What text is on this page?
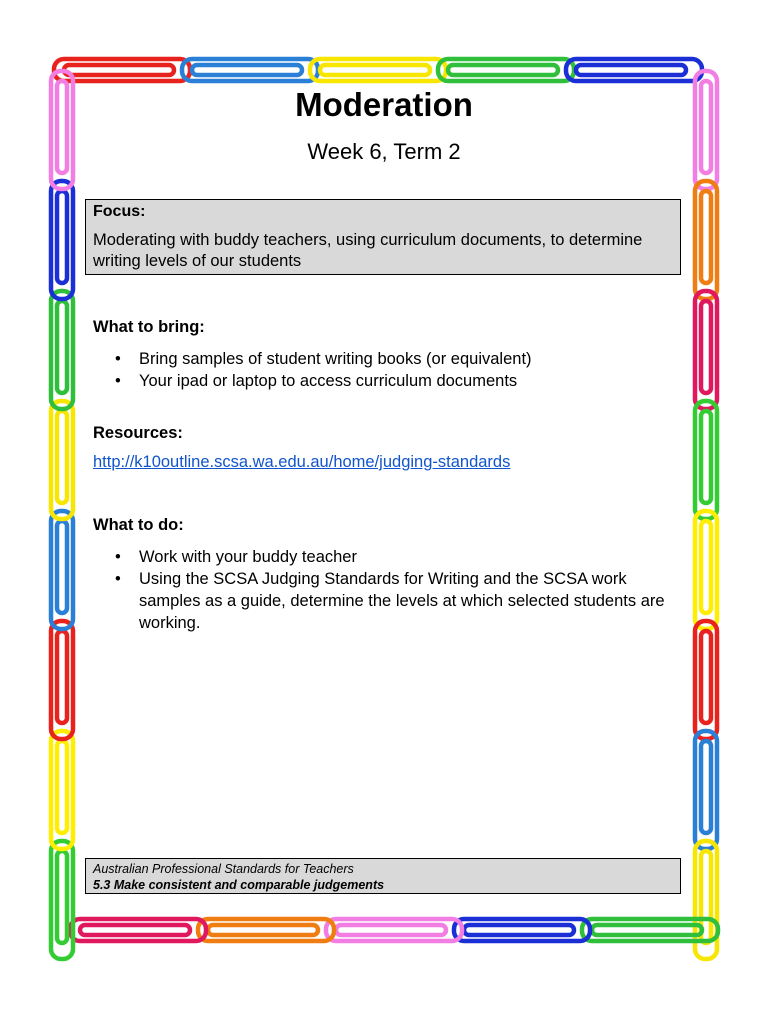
Moderation
Week 6, Term 2
Focus:
Moderating with buddy teachers, using curriculum documents, to determine writing levels of our students
What to bring:
• Bring samples of student writing books (or equivalent)
• Your ipad or laptop to access curriculum documents
Resources:
http://k10outline.scsa.wa.edu.au/home/judging-standards
What to do:
• Work with your buddy teacher
• Using the SCSA Judging Standards for Writing and the SCSA work samples as a guide, determine the levels at which selected students are working.
Australian Professional Standards for Teachers
5.3 Make consistent and comparable judgements
